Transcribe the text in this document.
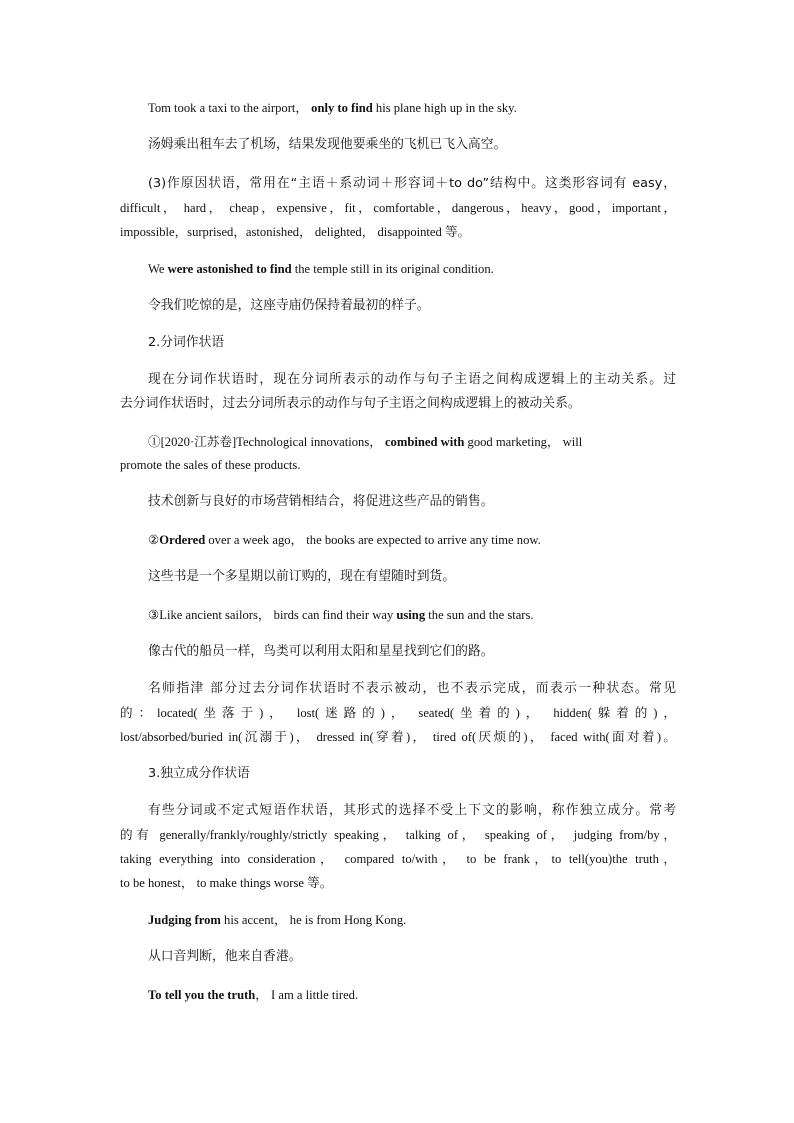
Tom took a taxi to the airport， only to find his plane high up in the sky.
汤姆乘出租车去了机场，结果发现他要乘坐的飞机已飞入高空。
(3)作原因状语，常用在“主语＋系动词＋形容词＋to do”结构中。这类形容词有 easy，
difficult， hard， cheap，expensive，fit，comfortable，dangerous，heavy，good，important，
impossible，surprised，astonished， delighted， disappointed 等。
We were astonished to find the temple still in its original condition.
令我们吃惊的是，这座寺庙仍保持着最初的样子。
2.分词作状语
现在分词作状语时，现在分词所表示的动作与句子主语之间构成逻辑上的主动关系。过
去分词作状语时，过去分词所表示的动作与句子主语之间构成逻辑上的被动关系。
①[2020·江苏卷]Technological innovations， combined with good marketing， will
promote the sales of these products.
技术创新与良好的市场营销相结合，将促进这些产品的销售。
②Ordered over a week ago， the books are expected to arrive any time now.
这些书是一个多星期以前订购的，现在有望随时到货。
③Like ancient sailors， birds can find their way using the sun and the stars.
像古代的船员一样，鸟类可以利用太阳和星星找到它们的路。
名师指津 部分过去分词作状语时不表示被动，也不表示完成，而表示一种状态。常见
的：located(坐落于)， lost(迷路的)， seated(坐着的)， hidden(躲着的)，
lost/absorbed/buried in(沉溺于)， dressed in(穿着)， tired of(厌烦的)， faced with(面对着)。
3.独立成分作状语
有些分词或不定式短语作状语，其形式的选择不受上下文的影响，称作独立成分。常考
的有 generally/frankly/roughly/strictly speaking， talking of， speaking of， judging from/by，
taking everything into consideration， compared to/with， to be frank，to tell(you)the truth，
to be honest， to make things worse 等。
Judging from his accent， he is from Hong Kong.
从口音判断，他来自香港。
To tell you the truth， I am a little tired.
